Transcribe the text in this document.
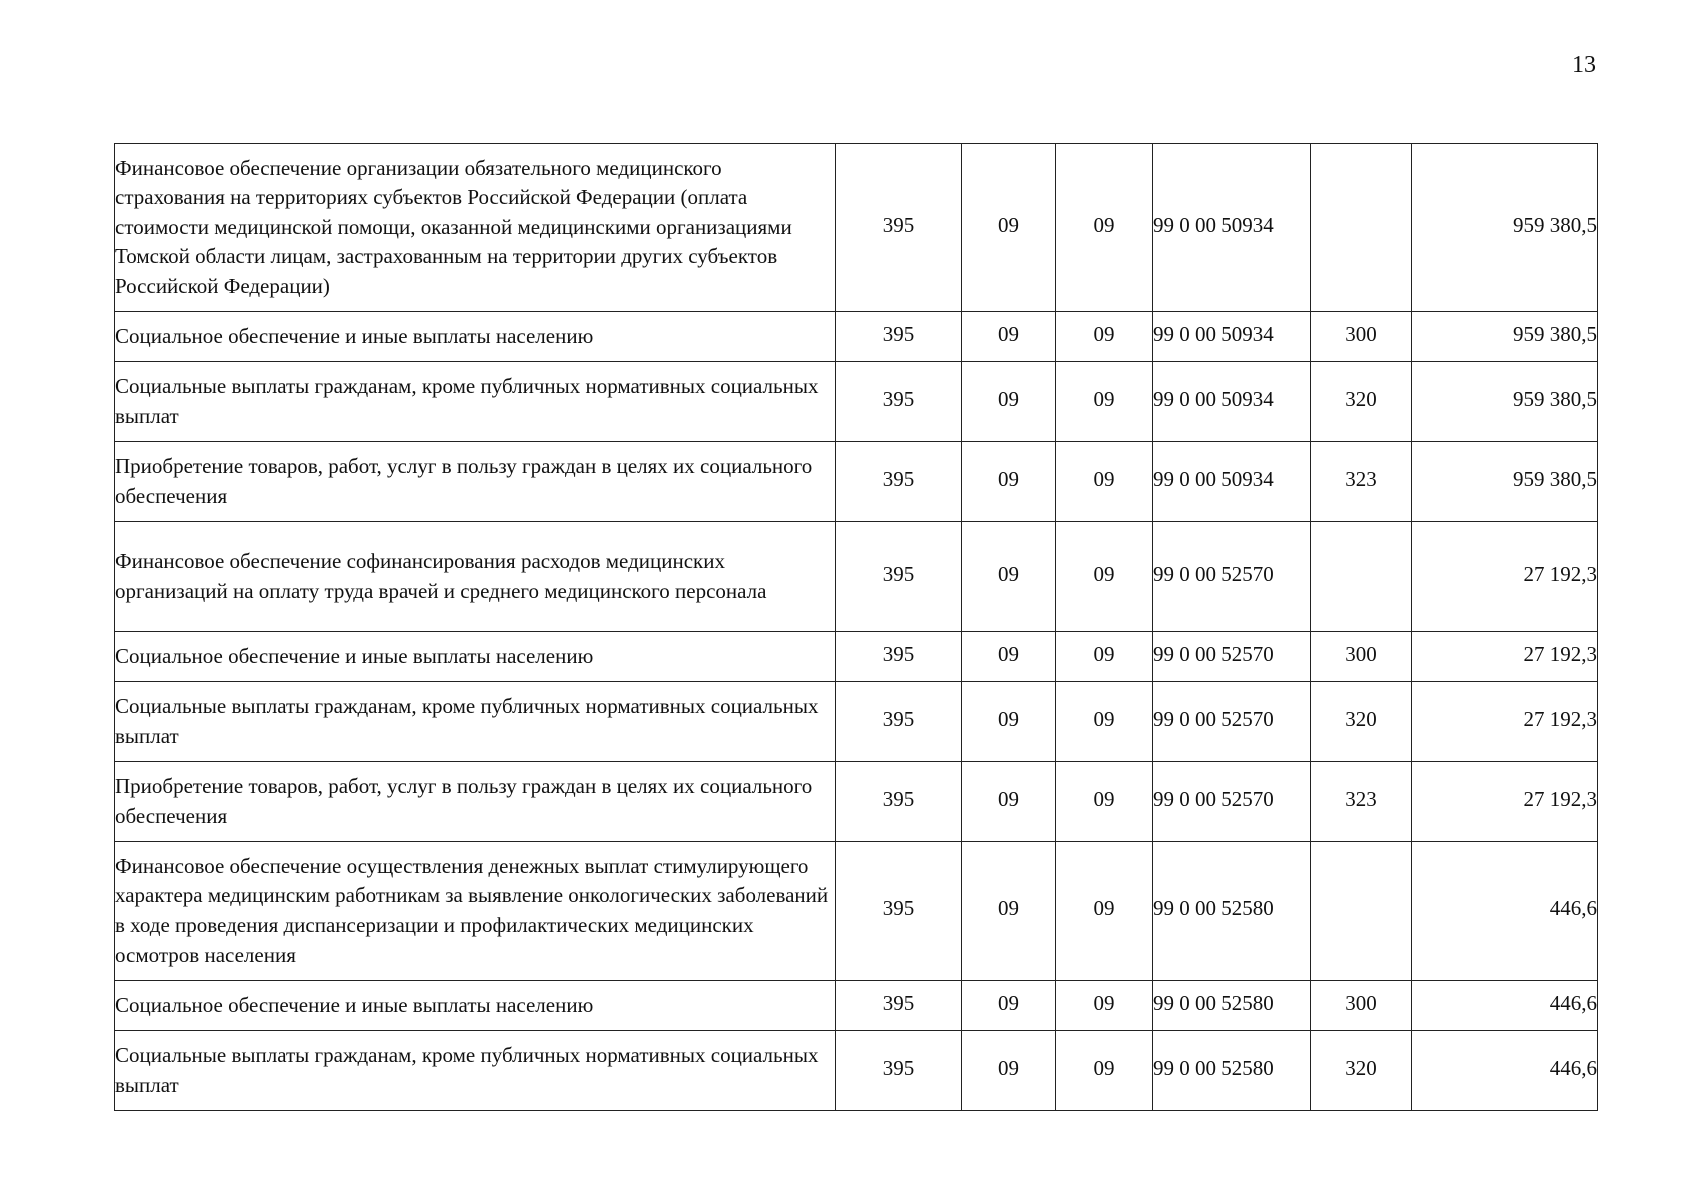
13
Финансовое обеспечение организации обязательного медицинского страхования на территориях субъектов Российской Федерации (оплата стоимости медицинской помощи, оказанной медицинскими организациями Томской области лицам, застрахованным на территории других субъектов Российской Федерации)	395	09	09	99 0 00 50934		959 380,5
Социальное обеспечение и иные выплаты населению	395	09	09	99 0 00 50934	300	959 380,5
Социальные выплаты гражданам, кроме публичных нормативных социальных выплат	395	09	09	99 0 00 50934	320	959 380,5
Приобретение товаров, работ, услуг в пользу граждан в целях их социального обеспечения	395	09	09	99 0 00 50934	323	959 380,5
Финансовое обеспечение софинансирования расходов медицинских организаций на оплату труда врачей и среднего медицинского персонала	395	09	09	99 0 00 52570		27 192,3
Социальное обеспечение и иные выплаты населению	395	09	09	99 0 00 52570	300	27 192,3
Социальные выплаты гражданам, кроме публичных нормативных социальных выплат	395	09	09	99 0 00 52570	320	27 192,3
Приобретение товаров, работ, услуг в пользу граждан в целях их социального обеспечения	395	09	09	99 0 00 52570	323	27 192,3
Финансовое обеспечение осуществления денежных выплат стимулирующего характера медицинским работникам за выявление онкологических заболеваний в ходе проведения диспансеризации и профилактических медицинских осмотров населения	395	09	09	99 0 00 52580		446,6
Социальное обеспечение и иные выплаты населению	395	09	09	99 0 00 52580	300	446,6
Социальные выплаты гражданам, кроме публичных нормативных социальных выплат	395	09	09	99 0 00 52580	320	446,6
